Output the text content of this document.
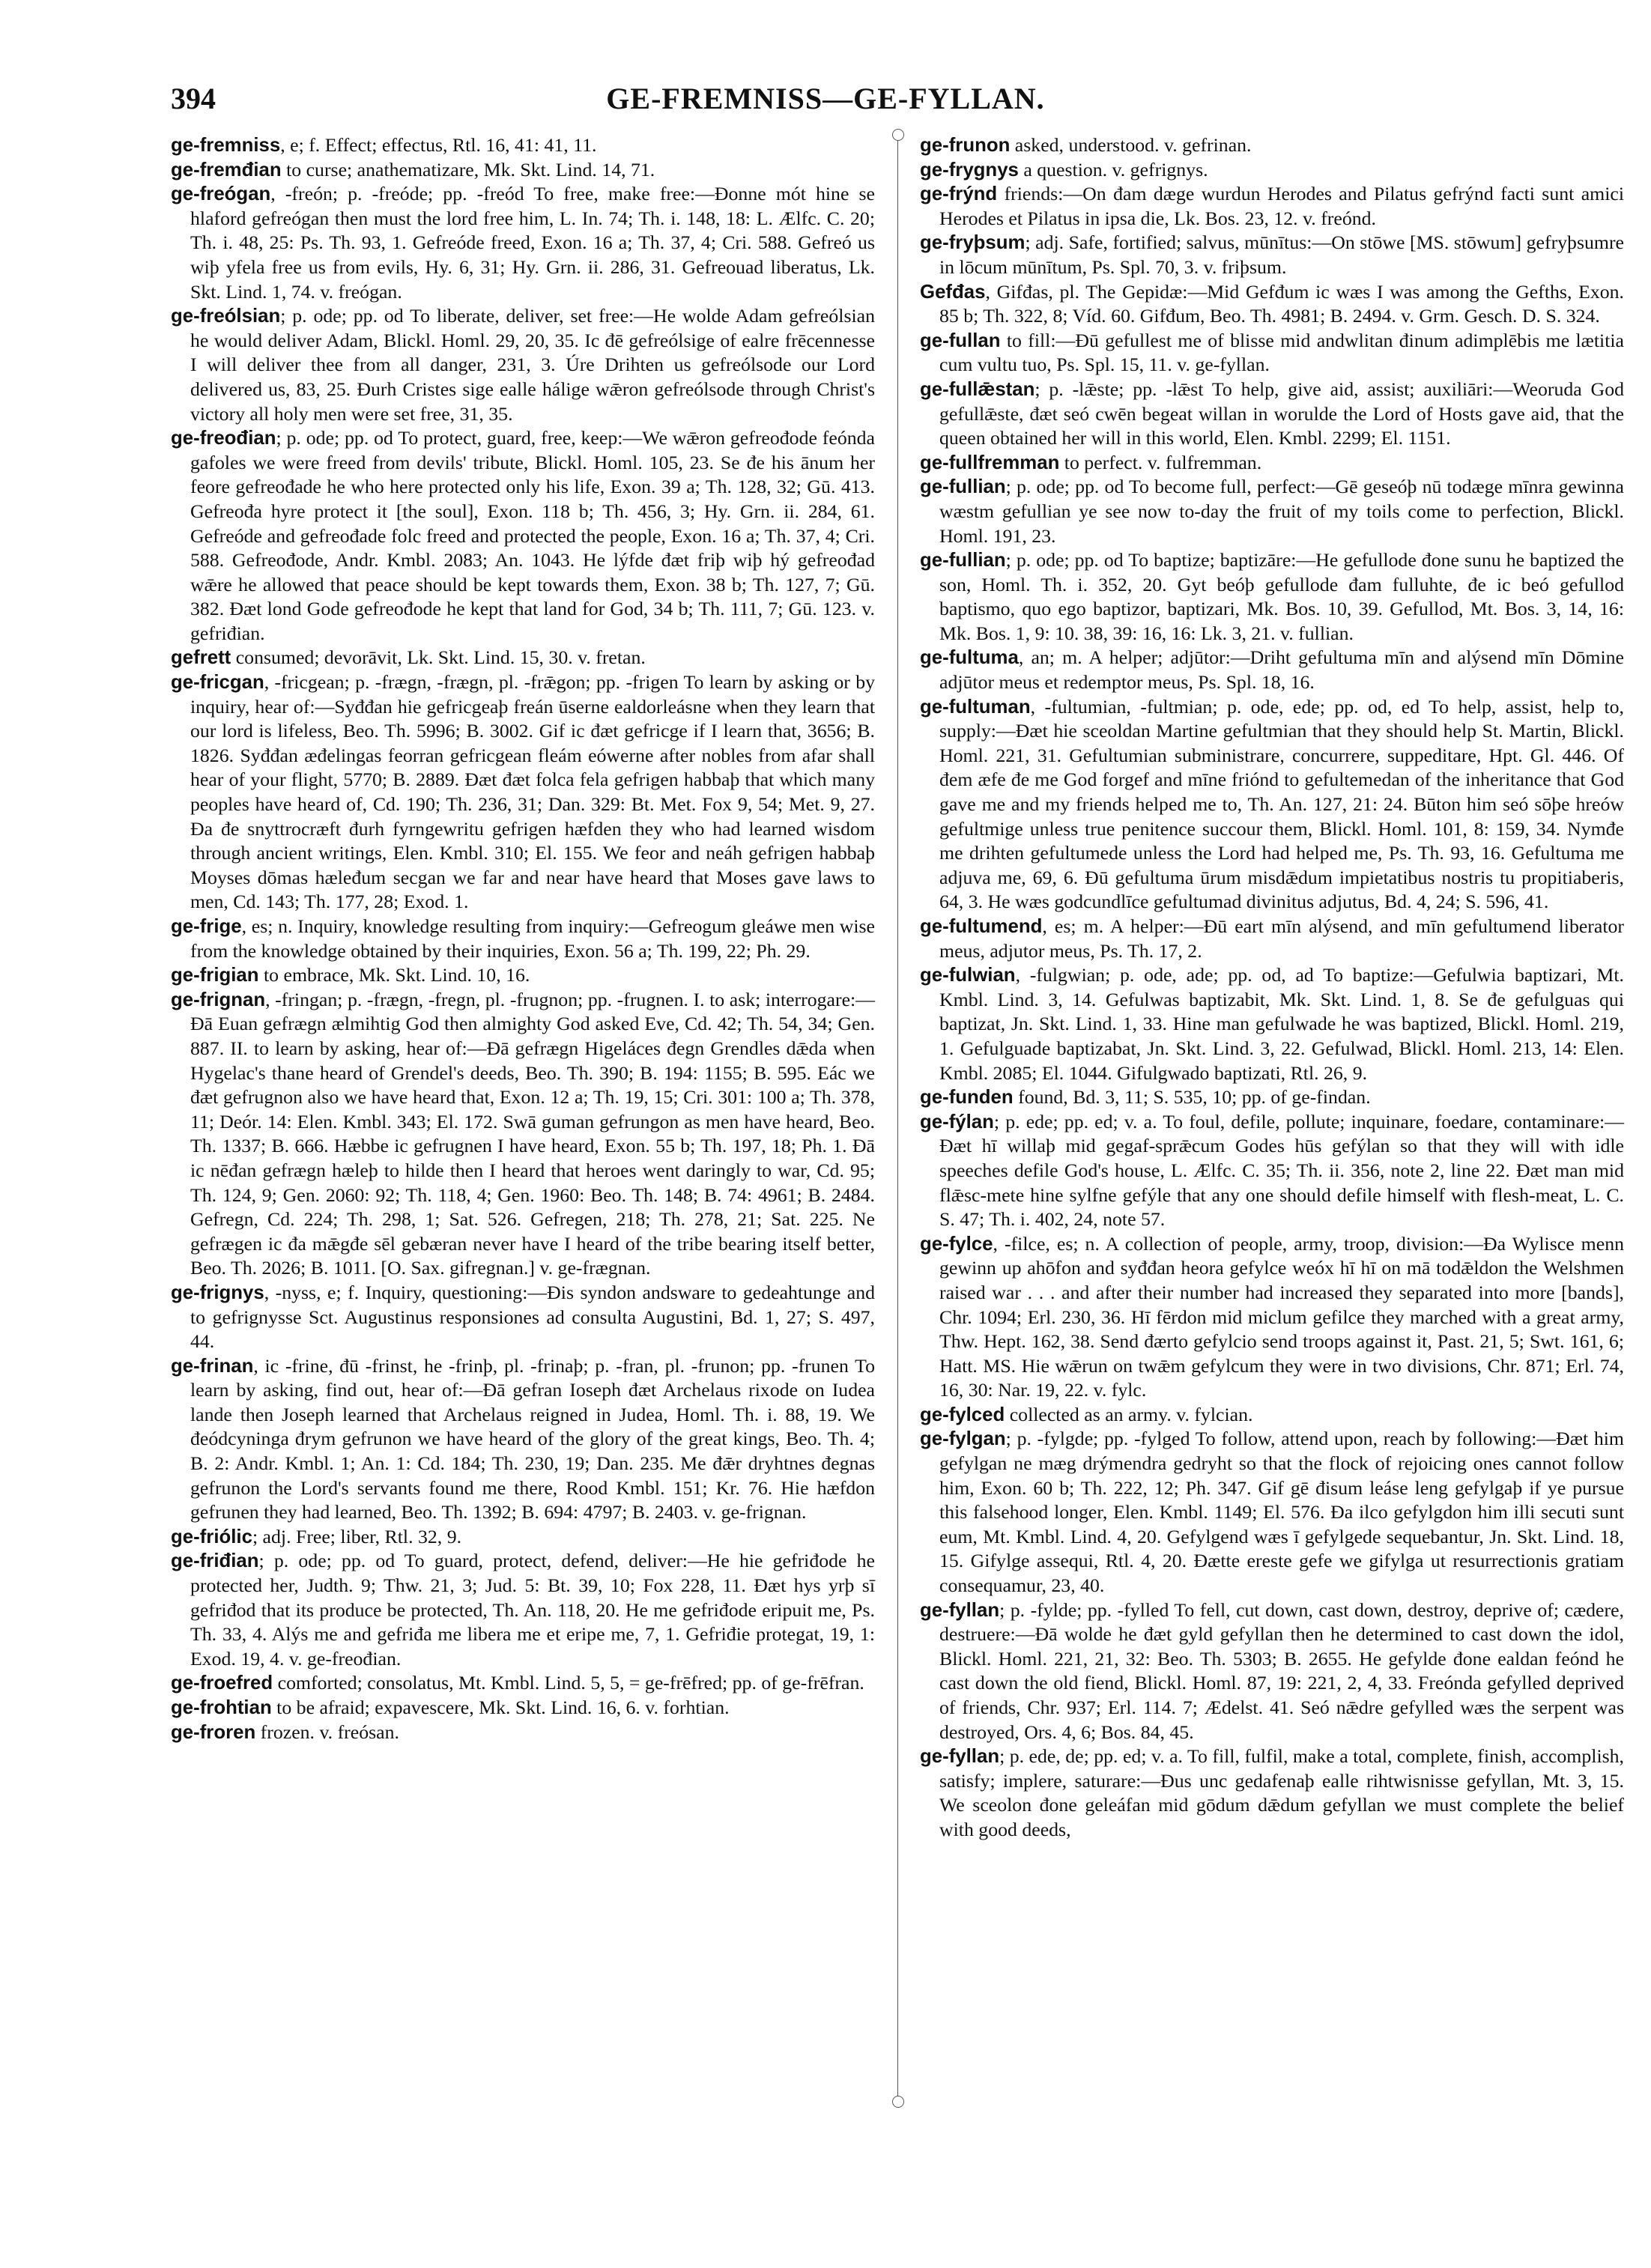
394	GE-FREMNISS—GE-FYLLAN.

ge-fremniss, e; f. Effect; effectus, Rtl. 16, 41: 41, 11.

ge-fremđian to curse; anathematizare, Mk. Skt. Lind. 14, 71.

ge-freógan, -freón; p. -freóde; pp. -freód To free, make free:—Đonne mót hine se hlaford gefreógan then must the lord free him, L. In. 74; Th. i. 148, 18: L. Ælfc. C. 20; Th. i. 48, 25: Ps. Th. 93, 1. Gefreóde freed, Exon. 16 a; Th. 37, 4; Cri. 588. Gefreó us wiþ yfela free us from evils, Hy. 6, 31; Hy. Grn. ii. 286, 31. Gefreouad liberatus, Lk. Skt. Lind. 1, 74. v. freógan.

ge-freólsian; p. ode; pp. od To liberate, deliver, set free:—He wolde Adam gefreólsian he would deliver Adam, Blickl. Homl. 29, 20, 35. Ic đē gefreólsige of ealre frēcennesse I will deliver thee from all danger, 231, 3. Úre Drihten us gefreólsode our Lord delivered us, 83, 25. Đurh Cristes sige ealle hálige wǣron gefreólsode through Christ's victory all holy men were set free, 31, 35.

ge-freođian; p. ode; pp. od To protect, guard, free, keep:—We wǣron gefreođode feónda gafoles we were freed from devils' tribute, Blickl. Homl. 105, 23. Se đe his ānum her feore gefreođade he who here protected only his life, Exon. 39 a; Th. 128, 32; Gū. 413. Gefreođa hyre protect it [the soul], Exon. 118 b; Th. 456, 3; Hy. Grn. ii. 284, 61. Gefreóde and gefreođade folc freed and protected the people, Exon. 16 a; Th. 37, 4; Cri. 588. Gefreođode, Andr. Kmbl. 2083; An. 1043. He lýfde đæt friþ wiþ hý gefreođad wǣre he allowed that peace should be kept towards them, Exon. 38 b; Th. 127, 7; Gū. 382. Đæt lond Gode gefreođode he kept that land for God, 34 b; Th. 111, 7; Gū. 123. v. gefriđian.

gefrett consumed; devorāvit, Lk. Skt. Lind. 15, 30. v. fretan.

ge-fricgan, -fricgean; p. -frægn, -frægn, pl. -frǣgon; pp. -frigen To learn by asking or by inquiry, hear of:—Syđđan hie gefricgeaþ freán ūserne ealdorleásne when they learn that our lord is lifeless, Beo. Th. 5996; B. 3002. Gif ic đæt gefricge if I learn that, 3656; B. 1826. Syđđan æđelingas feorran gefricgean fleám eówerne after nobles from afar shall hear of your flight, 5770; B. 2889. Đæt đæt folca fela gefrigen habbaþ that which many peoples have heard of, Cd. 190; Th. 236, 31; Dan. 329: Bt. Met. Fox 9, 54; Met. 9, 27. Đa đe snyttrocræft đurh fyrngewritu gefrigen hæfden they who had learned wisdom through ancient writings, Elen. Kmbl. 310; El. 155. We feor and neáh gefrigen habbaþ Moyses dōmas hæleđum secgan we far and near have heard that Moses gave laws to men, Cd. 143; Th. 177, 28; Exod. 1.

ge-frige, es; n. Inquiry, knowledge resulting from inquiry:—Gefreogum gleáwe men wise from the knowledge obtained by their inquiries, Exon. 56 a; Th. 199, 22; Ph. 29.

ge-frigian to embrace, Mk. Skt. Lind. 10, 16.

ge-frignan, -fringan; p. -frægn, -fregn, pl. -frugnon; pp. -frugnen. I. to ask; interrogare:—Đā Euan gefrægn ælmihtig God then almighty God asked Eve, Cd. 42; Th. 54, 34; Gen. 887. II. to learn by asking, hear of:—Đā gefrægn Higeláces đegn Grendles dǣda when Hygelac's thane heard of Grendel's deeds, Beo. Th. 390; B. 194: 1155; B. 595. Eác we đæt gefrugnon also we have heard that, Exon. 12 a; Th. 19, 15; Cri. 301: 100 a; Th. 378, 11; Deór. 14: Elen. Kmbl. 343; El. 172. Swā guman gefrungon as men have heard, Beo. Th. 1337; B. 666. Hæbbe ic gefrugnen I have heard, Exon. 55 b; Th. 197, 18; Ph. 1. Đā ic nēđan gefrægn hæleþ to hilde then I heard that heroes went daringly to war, Cd. 95; Th. 124, 9; Gen. 2060: 92; Th. 118, 4; Gen. 1960: Beo. Th. 148; B. 74: 4961; B. 2484. Gefregn, Cd. 224; Th. 298, 1; Sat. 526. Gefregen, 218; Th. 278, 21; Sat. 225. Ne gefrægen ic đa mǣgđe sēl gebæran never have I heard of the tribe bearing itself better, Beo. Th. 2026; B. 1011. [O. Sax. gifregnan.] v. ge-frægnan.

ge-frignys, -nyss, e; f. Inquiry, questioning:—Đis syndon andsware to gedeahtunge and to gefrignysse Sct. Augustinus responsiones ad consulta Augustini, Bd. 1, 27; S. 497, 44.

ge-frinan, ic -frine, đū -frinst, he -frinþ, pl. -frinaþ; p. -fran, pl. -frunon; pp. -frunen To learn by asking, find out, hear of:—Đā gefran Ioseph đæt Archelaus rixode on Iudea lande then Joseph learned that Archelaus reigned in Judea, Homl. Th. i. 88, 19. We đeódcyninga đrym gefrunon we have heard of the glory of the great kings, Beo. Th. 4; B. 2: Andr. Kmbl. 1; An. 1: Cd. 184; Th. 230, 19; Dan. 235. Me đǣr dryhtnes đegnas gefrunon the Lord's servants found me there, Rood Kmbl. 151; Kr. 76. Hie hæfdon gefrunen they had learned, Beo. Th. 1392; B. 694: 4797; B. 2403. v. ge-frignan.

ge-friólic; adj. Free; liber, Rtl. 32, 9.

ge-friđian; p. ode; pp. od To guard, protect, defend, deliver:—He hie gefriđode he protected her, Judth. 9; Thw. 21, 3; Jud. 5: Bt. 39, 10; Fox 228, 11. Đæt hys yrþ sī gefriđod that its produce be protected, Th. An. 118, 20. He me gefriđode eripuit me, Ps. Th. 33, 4. Alýs me and gefriđa me libera me et eripe me, 7, 1. Gefriđie protegat, 19, 1: Exod. 19, 4. v. ge-freođian.

ge-froefred comforted; consolatus, Mt. Kmbl. Lind. 5, 5, = ge-frēfred; pp. of ge-frēfran.

ge-frohtian to be afraid; expavescere, Mk. Skt. Lind. 16, 6. v. forhtian.

ge-froren frozen. v. freósan.

ge-frunon asked, understood. v. gefrinan.

ge-frygnys a question. v. gefrignys.

ge-frýnd friends:—On đam dæge wurdun Herodes and Pilatus gefrýnd facti sunt amici Herodes et Pilatus in ipsa die, Lk. Bos. 23, 12. v. freónd.

ge-fryþsum; adj. Safe, fortified; salvus, mūnītus:—On stōwe [MS. stōwum] gefryþsumre in lōcum mūnītum, Ps. Spl. 70, 3. v. friþsum.

Gefđas, Gifđas, pl. The Gepidæ:—Mid Gefđum ic wæs I was among the Gefths, Exon. 85 b; Th. 322, 8; Víd. 60. Gifđum, Beo. Th. 4981; B. 2494. v. Grm. Gesch. D. S. 324.

ge-fullan to fill:—Đū gefullest me of blisse mid andwlitan đinum adimplēbis me lætitia cum vultu tuo, Ps. Spl. 15, 11. v. ge-fyllan.

ge-fullǣstan; p. -lǣste; pp. -lǣst To help, give aid, assist; auxiliāri:—Weoruda God gefullǣste, đæt seó cwēn begeat willan in worulde the Lord of Hosts gave aid, that the queen obtained her will in this world, Elen. Kmbl. 2299; El. 1151.

ge-fullfremman to perfect. v. fulfremman.

ge-fullian; p. ode; pp. od To become full, perfect:—Gē geseóþ nū todæge mīnra gewinna wæstm gefullian ye see now to-day the fruit of my toils come to perfection, Blickl. Homl. 191, 23.

ge-fullian; p. ode; pp. od To baptize; baptizāre:—He gefullode đone sunu he baptized the son, Homl. Th. i. 352, 20. Gyt beóþ gefullode đam fulluhte, đe ic beó gefullod baptismo, quo ego baptizor, baptizari, Mk. Bos. 10, 39. Gefullod, Mt. Bos. 3, 14, 16: Mk. Bos. 1, 9: 10. 38, 39: 16, 16: Lk. 3, 21. v. fullian.

ge-fultuma, an; m. A helper; adjūtor:—Driht gefultuma mīn and alýsend mīn Dōmine adjūtor meus et redemptor meus, Ps. Spl. 18, 16.

ge-fultuman, -fultumian, -fultmian; p. ode, ede; pp. od, ed To help, assist, help to, supply:—Đæt hie sceoldan Martine gefultmian that they should help St. Martin, Blickl. Homl. 221, 31. Gefultumian subministrare, concurrere, suppeditare, Hpt. Gl. 446. Of đem æfe đe me God forgef and mīne friónd to gefultemedan of the inheritance that God gave me and my friends helped me to, Th. An. 127, 21: 24. Būton him seó sōþe hreów gefultmige unless true penitence succour them, Blickl. Homl. 101, 8: 159, 34. Nymđe me drihten gefultumede unless the Lord had helped me, Ps. Th. 93, 16. Gefultuma me adjuva me, 69, 6. Đū gefultuma ūrum misdǣdum impietatibus nostris tu propitiaberis, 64, 3. He wæs godcundlīce gefultumad divinitus adjutus, Bd. 4, 24; S. 596, 41.

ge-fultumend, es; m. A helper:—Đū eart mīn alýsend, and mīn gefultumend liberator meus, adjutor meus, Ps. Th. 17, 2.

ge-fulwian, -fulgwian; p. ode, ade; pp. od, ad To baptize:—Gefulwia baptizari, Mt. Kmbl. Lind. 3, 14. Gefulwas baptizabit, Mk. Skt. Lind. 1, 8. Se đe gefulguas qui baptizat, Jn. Skt. Lind. 1, 33. Hine man gefulwade he was baptized, Blickl. Homl. 219, 1. Gefulguade baptizabat, Jn. Skt. Lind. 3, 22. Gefulwad, Blickl. Homl. 213, 14: Elen. Kmbl. 2085; El. 1044. Gifulgwado baptizati, Rtl. 26, 9.

ge-funden found, Bd. 3, 11; S. 535, 10; pp. of ge-findan.

ge-fýlan; p. ede; pp. ed; v. a. To foul, defile, pollute; inquinare, foedare, contaminare:—Đæt hī willaþ mid gegaf-sprǣcum Godes hūs gefýlan so that they will with idle speeches defile God's house, L. Ælfc. C. 35; Th. ii. 356, note 2, line 22. Đæt man mid flǣsc-mete hine sylfne gefýle that any one should defile himself with flesh-meat, L. C. S. 47; Th. i. 402, 24, note 57.

ge-fylce, -filce, es; n. A collection of people, army, troop, division:—Đa Wylisce menn gewinn up ahōfon and syđđan heora gefylce weóx hī hī on mā todǣldon the Welshmen raised war . . . and after their number had increased they separated into more [bands], Chr. 1094; Erl. 230, 36. Hī fērdon mid miclum gefilce they marched with a great army, Thw. Hept. 162, 38. Send đærto gefylcio send troops against it, Past. 21, 5; Swt. 161, 6; Hatt. MS. Hie wǣrun on twǣm gefylcum they were in two divisions, Chr. 871; Erl. 74, 16, 30: Nar. 19, 22. v. fylc.

ge-fylced collected as an army. v. fylcian.

ge-fylgan; p. -fylgde; pp. -fylged To follow, attend upon, reach by following:—Đæt him gefylgan ne mæg drýmendra gedryht so that the flock of rejoicing ones cannot follow him, Exon. 60 b; Th. 222, 12; Ph. 347. Gif gē đisum leáse leng gefylgaþ if ye pursue this falsehood longer, Elen. Kmbl. 1149; El. 576. Đa ilco gefylgdon him illi secuti sunt eum, Mt. Kmbl. Lind. 4, 20. Gefylgend wæs ī gefylgede sequebantur, Jn. Skt. Lind. 18, 15. Gifylge assequi, Rtl. 4, 20. Đætte ereste gefe we gifylga ut resurrectionis gratiam consequamur, 23, 40.

ge-fyllan; p. -fylde; pp. -fylled To fell, cut down, cast down, destroy, deprive of; cædere, destruere:—Đā wolde he đæt gyld gefyllan then he determined to cast down the idol, Blickl. Homl. 221, 21, 32: Beo. Th. 5303; B. 2655. He gefylde đone ealdan feónd he cast down the old fiend, Blickl. Homl. 87, 19: 221, 2, 4, 33. Freónda gefylled deprived of friends, Chr. 937; Erl. 114. 7; Ædelst. 41. Seó nǣdre gefylled wæs the serpent was destroyed, Ors. 4, 6; Bos. 84, 45.

ge-fyllan; p. ede, de; pp. ed; v. a. To fill, fulfil, make a total, complete, finish, accomplish, satisfy; implere, saturare:—Đus unc gedafenaþ ealle rihtwisnisse gefyllan, Mt. 3, 15. We sceolon đone geleáfan mid gōdum dǣdum gefyllan we must complete the belief with good deeds,
